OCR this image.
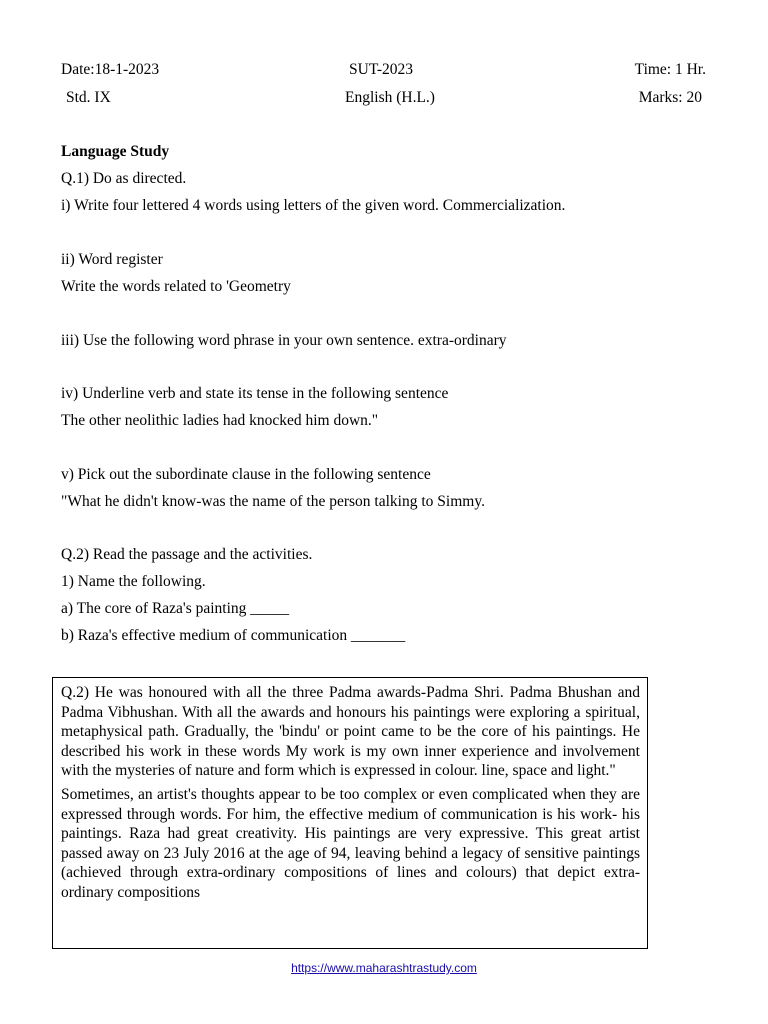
Date:18-1-2023	SUT-2023	Time: 1 Hr.
Std. IX	English (H.L.)	Marks: 20
Language Study
Q.1) Do as directed.
i) Write four lettered 4 words using letters of the given word. Commercialization.
ii) Word register
Write the words related to 'Geometry
iii) Use the following word phrase in your own sentence. extra-ordinary
iv) Underline verb and state its tense in the following sentence
The other neolithic ladies had knocked him down."
v) Pick out the subordinate clause in the following sentence
"What he didn't know-was the name of the person talking to Simmy.
Q.2) Read the passage and the activities.
1) Name the following.
a) The core of Raza's painting _____
b) Raza's effective medium of communication _______

Q.2) He was honoured with all the three Padma awards-Padma Shri. Padma Bhushan and Padma Vibhushan. With all the awards and honours his paintings were exploring a spiritual, metaphysical path. Gradually, the 'bindu' or point came to be the core of his paintings. He described his work in these words My work is my own inner experience and involvement with the mysteries of nature and form which is expressed in colour. line, space and light."

Sometimes, an artist's thoughts appear to be too complex or even complicated when they are expressed through words. For him, the effective medium of communication is his work- his paintings. Raza had great creativity. His paintings are very expressive. This great artist passed away on 23 July 2016 at the age of 94, leaving behind a legacy of sensitive paintings (achieved through extra-ordinary compositions of lines and colours) that depict extra-ordinary compositions

https://www.maharashtrastudy.com
